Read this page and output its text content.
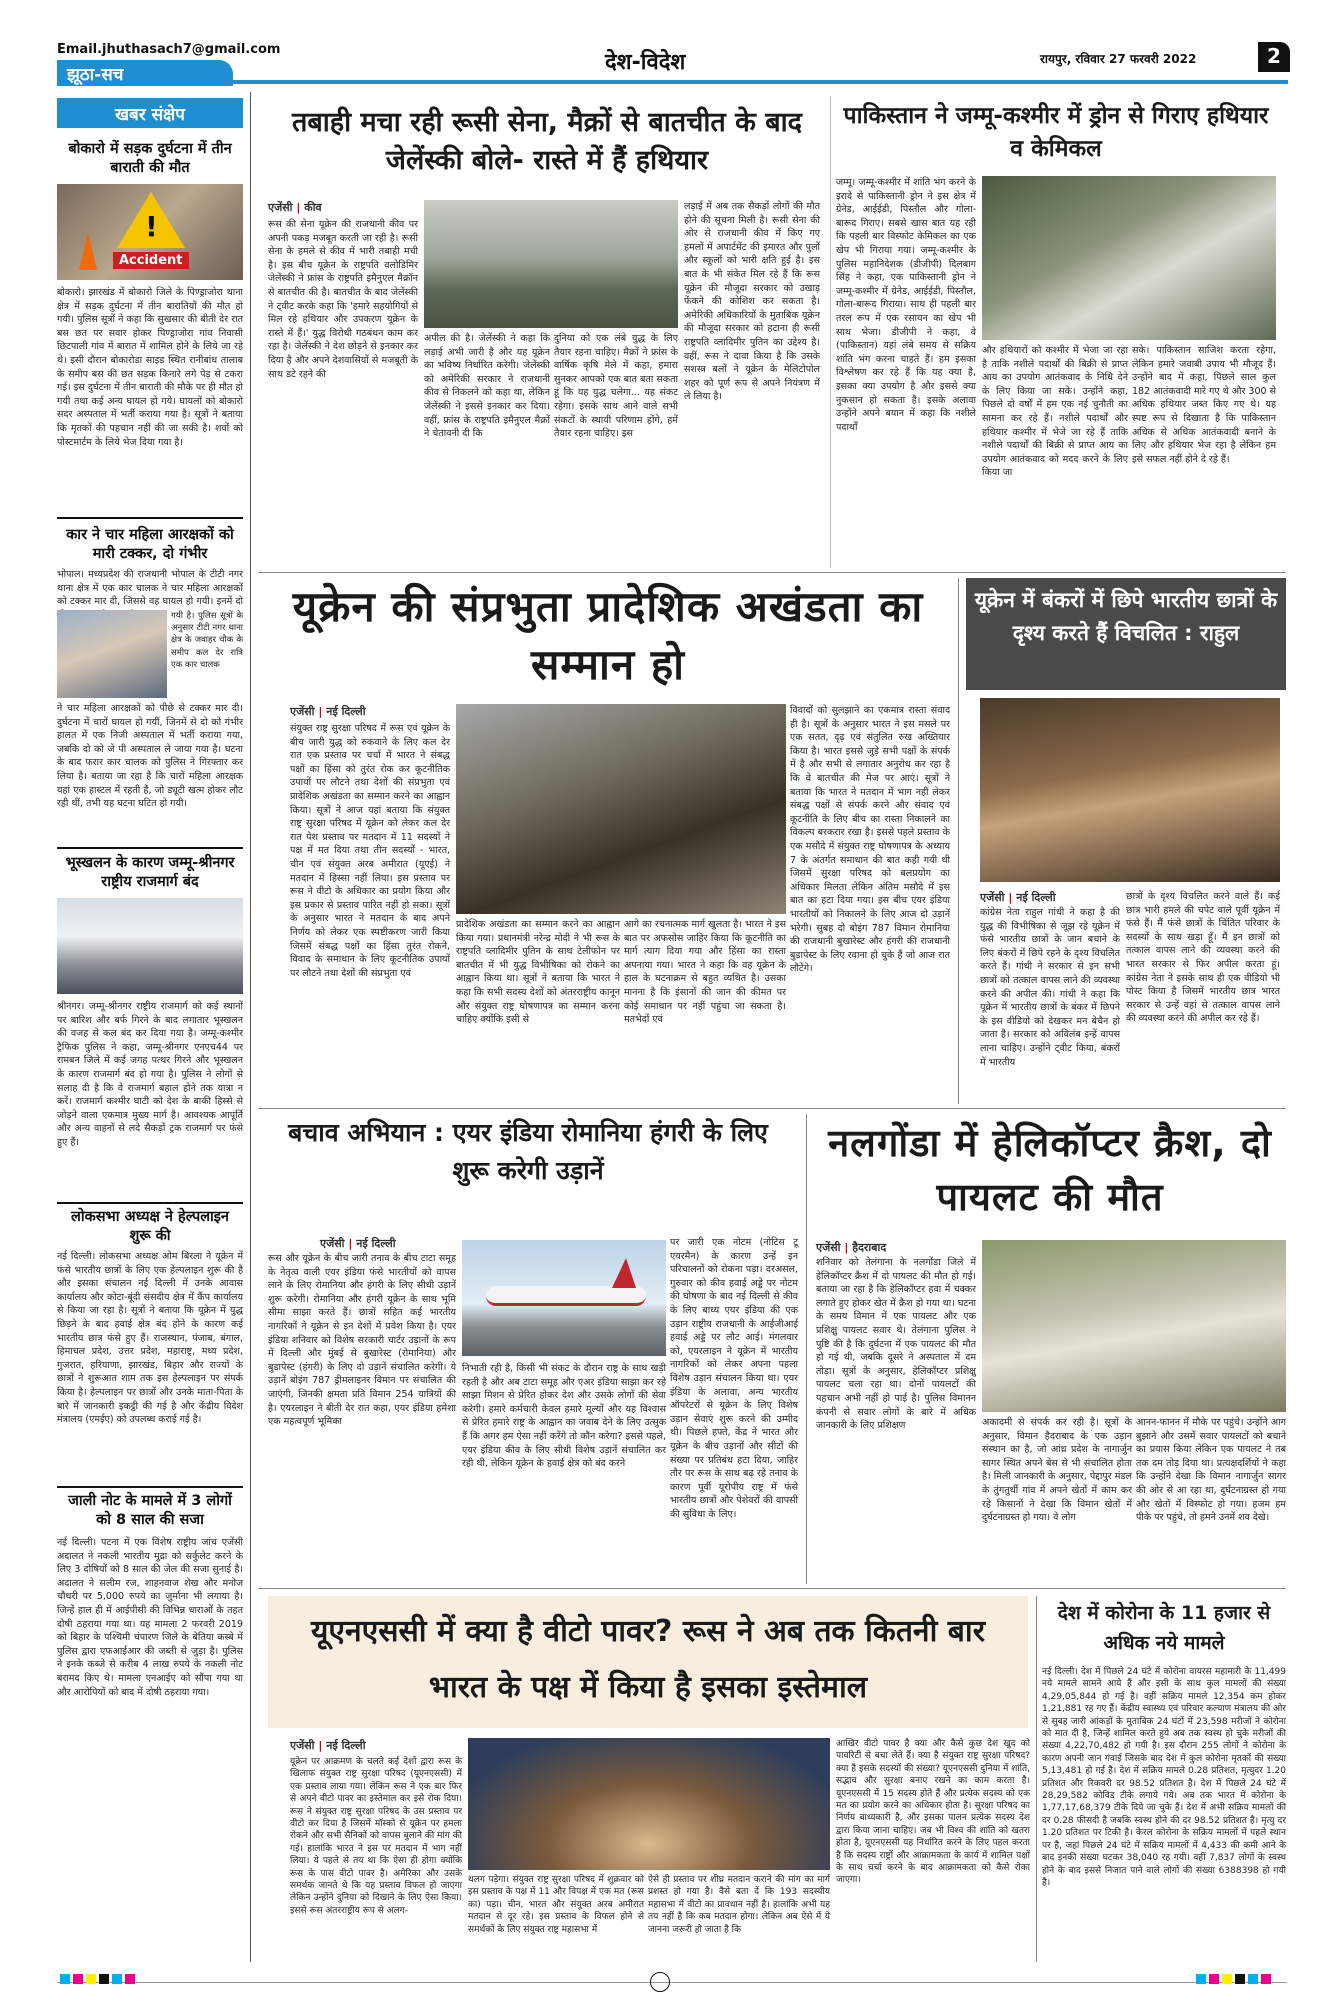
Email.jhuthasach7@gmail.com
झूठा-सच	देश-विदेश	रायपुर, रविवार 27 फरवरी 2022	2
खबर संक्षेप
बोकारो में सड़क दुर्घटना में तीन बाराती की मौत
!
Accident
बोकारो। झारखंड में बोकारो जिले के पिण्ड्राजोरा थाना क्षेत्र में सड़क दुर्घटना में तीन बारातियों की मौत हो गयी। पुलिस सूत्रों ने कहा कि सुखसार की बीती देर रात बस छत पर सवार होकर पिण्ड्राजोरा गांव निवासी छिटपाली गांव में बारात में शामिल होने के लिये जा रहे थे। इसी दौरान बोकारोडा साइड स्थित रानीबांध तालाब के समीप बस की छत सड़क किनारे लगे पेड़ से टकरा गई। इस दुर्घटना में तीन बाराती की मौके पर ही मौत हो गयी तथा कई अन्य घायल हो गये। घायलों को बोकारो सदर अस्पताल में भर्ती कराया गया है। सूत्रों ने बताया कि मृतकों की पहचान नहीं की जा सकी है। शवों को पोस्टमार्टम के लिये भेज दिया गया है।
कार ने चार महिला आरक्षकों को मारी टक्कर, दो गंभीर
भोपाल। मध्यप्रदेश की राजधानी भोपाल के टीटी नगर थाना क्षेत्र में एक कार चालक ने चार महिला आरक्षकों को टक्कर मार दी, जिससे वह घायल हो गयी। इनमें दो
गयी है। पुलिस सूत्रों के अनुसार टीटी नगर थाना क्षेत्र के जवाहर चौक के समीप कल देर रात्रि एक कार चालक
ने चार महिला आरक्षकों को पीछे से टक्कर मार दी। दुर्घटना में चारों घायल हो गयीं, जिनमें से दो को गंभीर हालत में एक निजी अस्पताल में भर्ती कराया गया, जबकि दो को जे पी अस्पताल ले जाया गया है। घटना के बाद फरार कार चालक को पुलिस ने गिरफ्तार कर लिया है। बताया जा रहा है कि चारों महिला आरक्षक यहां एक हास्टल में रहती हैं, जो ड्यूटी खत्म होकर लौट रही थीं, तभी यह घटना घटित हो गयी।
भूस्खलन के कारण जम्मू-श्रीनगर राष्ट्रीय राजमार्ग बंद
श्रीनगर। जम्मू-श्रीनगर राष्ट्रीय राजमार्ग को कई स्थानों पर बारिश और बर्फ गिरने के बाद लगातार भूस्खलन की वजह से कल बंद कर दिया गया है। जम्मू-कश्मीर ट्रैफिक पुलिस ने कहा, जम्मू-श्रीनगर एनएच44 पर रामबन जिले में कई जगह पत्थर गिरने और भूस्खलन के कारण राजमार्ग बंद हो गया है। पुलिस ने लोगों से सलाह दी है कि वे राजमार्ग बहाल होने तक यात्रा न करें। राजमार्ग कश्मीर घाटी को देश के बाकी हिस्से से जोड़ने वाला एकमात्र मुख्य मार्ग है। आवश्यक आपूर्ति और अन्य वाहनों से लदे सैकड़ों ट्रक राजमार्ग पर फंसे हुए हैं।
लोकसभा अध्यक्ष ने हेल्पलाइन शुरू की
नई दिल्ली। लोकसभा अध्यक्ष ओम बिरला ने यूक्रेन में फंसे भारतीय छात्रों के लिए एक हेल्पलाइन शुरू की है और इसका संचालन नई दिल्ली में उनके आवास कार्यालय और कोटा-बूंदी संसदीय क्षेत्र में कैंप कार्यालय से किया जा रहा है। सूत्रों ने बताया कि यूक्रेन में युद्ध छिड़ने के बाद हवाई क्षेत्र बंद होने के कारण कई भारतीय छात्र फंसे हुए हैं। राजस्थान, पंजाब, बंगाल, हिमाचल प्रदेश, उत्तर प्रदेश, महाराष्ट्र, मध्य प्रदेश, गुजरात, हरियाणा, झारखंड, बिहार और राज्यों के छात्रों ने शुरूआत शाम तक इस हेल्पलाइन पर संपर्क किया है। हेल्पलाइन पर छात्रों और उनके माता-पिता के बारे में जानकारी इकट्ठी की गई है और केंद्रीय विदेश मंत्रालय (एमईए) को उपलब्ध कराई गई है।
जाली नोट के मामले में 3 लोगों को 8 साल की सजा
नई दिल्ली। पटना में एक विशेष राष्ट्रीय जांच एजेंसी अदालत ने नकली भारतीय मुद्रा को सर्कुलेट करने के लिए 3 दोषियों को 8 साल की जेल की सजा सुनाई है। अदालत ने सलीम रज, शाहनवाज शेख और मनोज चौधरी पर 5,000 रुपये का जुर्माना भी लगाया है। जिन्हें हाल ही में आईपीसी की विभिन्न धाराओं के तहत दोषी ठहराया गया था। यह मामला 2 फरवरी 2019 को बिहार के पश्चिमी चंपारण जिले के बेतिया कस्बे में पुलिस द्वारा एफआईआर की जब्ती से जुड़ा है। पुलिस ने इनके कब्जे से करीब 4 लाख रुपये के नकली नोट बरामद किए थे। मामला एनआईए को सौंपा गया था और आरोपियों को बाद में दोषी ठहराया गया।
तबाही मचा रही रूसी सेना, मैक्रों से बातचीत के बाद जेलेंस्की बोले- रास्ते में हैं हथियार
एजेंसी | कीव
रूस की सेना यूक्रेन की राजधानी कीव पर अपनी पकड़ मजबूत करती जा रही है। रूसी सेना के हमले से कीव में भारी तबाही मची है। इस बीच यूक्रेन के राष्ट्रपति वलोडिमिर जेलेंस्की ने फ्रांस के राष्ट्रपति इमैनुएल मैक्रॉन से बातचीत की है। बातचीत के बाद जेलेंस्की ने ट्वीट करके कहा कि 'हमारे सहयोगियों से मिल रहे हथियार और उपकरण यूक्रेन के रास्ते में हैं।' युद्ध विरोधी गठबंधन काम कर रहा है। जेलेंस्की ने देश छोड़ने से इनकार कर दिया है और अपने देशवासियों से मजबूती के साथ डटे रहने की
अपील की है। जेलेंस्की ने कहा कि लड़ाई अभी जारी है और यह यूक्रेन का भविष्य निर्धारित करेगी। जेलेंस्की को अमेरिकी सरकार ने राजधानी कीव से निकलने को कहा था, लेकिन जेलेंस्की ने इससे इनकार कर दिया। वहीं, फ्रांस के राष्ट्रपति इमैनुएल मैक्रों ने चेतावनी दी कि
दुनिया को एक लंबे युद्ध के लिए तैयार रहना चाहिए। मैक्रों ने फ्रांस के वार्षिक कृषि मेले में कहा, हमारा सुनकर आपको एक बात बता सकता हूं कि यह युद्ध चलेगा... यह संकट रहेगा। इसके साथ आने वाले सभी संकटों के स्थायी परिणाम होंगे, हमें तैयार रहना चाहिए। इस
लड़ाई में अब तक सैकड़ों लोगों की मौत होने की सूचना मिली है। रूसी सेना की ओर से राजधानी कीव में किए गए हमलों में अपार्टमेंट की इमारत और पुलों और स्कूलों को भारी क्षति हुई है। इस बात के भी संकेत मिल रहे हैं कि रूस यूक्रेन की मौजूदा सरकार को उखाड़ फेंकने की कोशिश कर सकता है। अमेरिकी अधिकारियों के मुताबिक यूक्रेन की मौजूदा सरकार को हटाना ही रूसी राष्ट्रपति व्लादिमीर पुतिन का उद्देश्य है। वहीं, रूस ने दावा किया है कि उसके सशस्त्र बलों ने यूक्रेन के मेलिटोपोल शहर को पूर्ण रूप से अपने नियंत्रण में ले लिया है।
पाकिस्तान ने जम्मू-कश्मीर में ड्रोन से गिराए हथियार व केमिकल
जम्मू। जम्मू-कश्मीर में शांति भंग करने के इरादे से पाकिस्तानी ड्रोन ने इस क्षेत्र में ग्रेनेड, आईईडी, पिस्तौल और गोला-बारूद गिराए। सबसे खास बात यह रही कि पहली बार विस्फोट केमिकल का एक खेप भी गिराया गया। जम्मू-कश्मीर के पुलिस महानिदेशक (डीजीपी) दिलबाग सिंह ने कहा, एक पाकिस्तानी ड्रोन ने जम्मू-कश्मीर में ग्रेनेड, आईईडी, पिस्तौल, गोला-बारूद गिराया। साथ ही पहली बार तरल रूप में एक रसायन का खेप भी साथ भेजा। डीजीपी ने कहा, वे (पाकिस्तान) यहां लंबे समय से सक्रिय शांति भंग करना चाहते हैं। हम इसका विश्लेषण कर रहे हैं कि यह क्या है, इसका क्या उपयोग है और इससे क्या नुकसान हो सकता है। इसके अलावा उन्होंने अपने बयान में कहा कि नशीले पदार्थों
और हथियारों को कश्मीर में भेजा जा रहा है ताकि नशीले पदार्थों की बिक्री से प्राप्त आय का उपयोग आतंकवाद के निधि देने के लिए किया जा सके। उन्होंने कहा, पिछले दो वर्षों में हम एक नई चुनौती का सामना कर रहे हैं। नशीले पदार्थों और हथियार कश्मीर में भेजे जा रहे हैं ताकि नशीले पदार्थों की बिक्री से प्राप्त आय का उपयोग आतंकवाद को मदद करने के लिए किया जा
सके। पाकिस्तान साजिश करता रहेगा, लेकिन हमारे जवाबी उपाय भी मौजूद हैं। उन्होंने बाद में कहा, पिछले साल कुल 182 आतंकवादी मारे गए थे और 300 से अधिक हथियार जब्त किए गए थे। यह स्पष्ट रूप से दिखाता है कि पाकिस्तान अधिक से अधिक आतंकवादी बनाने के लिए और हथियार भेज रहा है लेकिन हम इसे सफल नहीं होने दे रहे हैं।
यूक्रेन की संप्रभुता प्रादेशिक अखंडता का सम्मान हो
एजेंसी | नई दिल्ली
संयुक्त राष्ट्र सुरक्षा परिषद में रूस एवं यूक्रेन के बीच जारी युद्ध को रुकवाने के लिए कल देर रात एक प्रस्ताव पर चर्चा में भारत ने संबद्ध पक्षों का हिंसा को तुरंत रोक कर कूटनीतिक उपायों पर लौटने तथा देशों की संप्रभुता एवं प्रादेशिक अखंडता का सम्मान करने का आह्वान किया। सूत्रों ने आज यहां बताया कि संयुक्त राष्ट्र सुरक्षा परिषद में यूक्रेन को लेकर कल देर रात पेश प्रस्ताव पर मतदान में 11 सदस्यों ने पक्ष में मत दिया तथा तीन सदस्यों - भारत, चीन एवं संयुक्त अरब अमीरात (यूएई) ने मतदान में हिस्सा नहीं लिया। इस प्रस्ताव पर रूस ने वीटो के अधिकार का प्रयोग किया और इस प्रकार से प्रस्ताव पारित नहीं हो सका। सूत्रों के अनुसार भारत ने मतदान के बाद अपने निर्णय को लेकर एक स्पष्टीकरण जारी किया जिसमें संबद्ध पक्षों का हिंसा तुरंत रोकने, विवाद के समाधान के लिए कूटनीतिक उपायों पर लौटने तथा देशों की संप्रभुता एवं
प्रादेशिक अखंडता का सम्मान करने का आह्वान किया गया। प्रधानमंत्री नरेन्द्र मोदी ने भी रूस के राष्ट्रपति व्लादिमीर पुतिन के साथ टेलीफोन पर बातचीत में भी युद्ध विभीषिका को रोकने का आह्वान किया था। सूत्रों ने बताया कि भारत ने कहा कि सभी सदस्य देशों को अंतरराष्ट्रीय कानून और संयुक्त राष्ट्र घोषणापत्र का सम्मान करना चाहिए क्योंकि इसी से
आगे का रचनात्मक मार्ग खुलता है। भारत ने इस बात पर अफसोस जाहिर किया कि कूटनीति का मार्ग त्याग दिया गया और हिंसा का रास्ता अपनाया गया। भारत ने कहा कि वह यूक्रेन के हाल के घटनाक्रम से बहुत व्यथित है। उसका मानना है कि इंसानों की जान की कीमत पर कोई समाधान पर नहीं पहुंचा जा सकता है। मतभेदों एवं
विवादों को सुलझाने का एकमात्र रास्ता संवाद ही है। सूत्रों के अनुसार भारत ने इस मसले पर एक सतत, दृढ़ एवं संतुलित रुख अख्तियार किया है। भारत इससे जुड़े सभी पक्षों के संपर्क में है और सभी से लगातार अनुरोध कर रहा है कि वे बातचीत की मेज पर आएं। सूत्रों ने बताया कि भारत ने मतदान में भाग नहीं लेकर संबद्ध पक्षों से संपर्क करने और संवाद एवं कूटनीति के लिए बीच का रास्ता निकालने का विकल्प बरकरार रखा है। इससे पहले प्रस्ताव के एक मसौदे में संयुक्त राष्ट्र घोषणापत्र के अध्याय 7 के अंतर्गत समाधान की बात कही गयी थी जिसमें सुरक्षा परिषद को बलप्रयोग का अधिकार मिलता लेकिन अंतिम मसौदे में इस बात का हटा दिया गया। इस बीच एयर इंडिया भारतीयों को निकालने के लिए आज दो उड़ानें भरेगी। सुबह दो बोइंग 787 विमान रोमानिया की राजधानी बुखारेस्ट और हंगरी की राजधानी बुडापेस्ट के लिए रवाना हो चुके हैं जो आज रात लौटेंगे।
यूक्रेन में बंकरों में छिपे भारतीय छात्रों के दृश्य करते हैं विचलित : राहुल
एजेंसी | नई दिल्ली
कांग्रेस नेता राहुल गांधी ने कहा है की युद्ध की विभीषिका से जूझ रहे यूक्रेन में फंसे भारतीय छात्रों के जान बचाने के लिए बंकरों में छिपे रहने के दृश्य विचलित करते हैं। गांधी ने सरकार से इन सभी छात्रों को तत्काल वापस लाने की व्यवस्था करने की अपील की। गांधी ने कहा कि यूक्रेन में भारतीय छात्रों के बंकर में छिपने के इस वीडियो को देखकर मन बेचैन हो जाता है। सरकार को अविलंब इन्हें वापस लाना चाहिए। उन्होंने ट्वीट किया, बंकरों में भारतीय
छात्रों के दृश्य विचलित करने वाले हैं। कई छात्र भारी हमले की चपेट वाले पूर्वी यूक्रेन में फंसे हैं। मैं फंसे छात्रों के चिंतित परिवार के सदस्यों के साथ खड़ा हूँ। मैं इन छात्रों को तत्काल वापस लाने की व्यवस्था करने की भारत सरकार से फिर अपील करता हूं। कांग्रेस नेता ने इसके साथ ही एक वीडियो भी पोस्ट किया है जिसमें भारतीय छात्र भारत सरकार से उन्हें वहां से तत्काल वापस लाने की व्यवस्था करने की अपील कर रहे हैं।
बचाव अभियान : एयर इंडिया रोमानिया हंगरी के लिए शुरू करेगी उड़ानें
एजेंसी | नई दिल्ली
रूस और यूक्रेन के बीच जारी तनाव के बीच टाटा समूह के नेतृत्व वाली एयर इंडिया फंसे भारतीयों को वापस लाने के लिए रोमानिया और हंगरी के लिए सीधी उड़ानें शुरू करेगी। रोमानिया और हंगरी यूक्रेन के साथ भूमि सीमा साझा करते हैं। छात्रों सहित कई भारतीय नागरिकों ने यूक्रेन से इन देशों में प्रवेश किया है। एयर इंडिया शनिवार को विशेष सरकारी चार्टर उड़ानों के रूप में दिल्ली और मुंबई से बुखारेस्ट (रोमानिया) और बुडापेस्ट (हंगरी) के लिए दो उड़ानें संचालित करेगी। ये उड़ानें बोइंग 787 ड्रीमलाइनर विमान पर संचालित की जाएंगी, जिनकी क्षमता प्रति विमान 254 यात्रियों की है। एयरलाइन ने बीती देर रात कहा, एयर इंडिया हमेशा एक महत्वपूर्ण भूमिका
निभाती रही है, किसी भी संकट के दौरान राष्ट्र के साथ खड़ी रहती है और अब टाटा समूह और एअर इंडिया साझा कर रहे साझा मिशन से प्रेरित होकर देश और उसके लोगों की सेवा करेगी। हमारे कर्मचारी केवल हमारे मूल्यों और यह विश्वास से प्रेरित हमारे राष्ट्र के आह्वान का जवाब देने के लिए उत्सुक हैं कि अगर हम ऐसा नहीं करेंगे तो कौन करेगा? इससे पहले, एयर इंडिया कीव के लिए सीधी विशेष उड़ानें संचालित कर रही थी, लेकिन यूक्रेन के हवाई क्षेत्र को बंद करने
पर जारी एक नोटम (नोटिस टू एयरमैन) के कारण उन्हें इन परिचालनों को रोकना पड़ा। दरअसल, गुरुवार को कीव हवाई अड्डे पर नोटम की घोषणा के बाद नई दिल्ली से कीव के लिए बाध्य एयर इंडिया की एक उड़ान राष्ट्रीय राजधानी के आईजीआई हवाई अड्डे पर लौट आई। मंगलवार को, एयरलाइन ने यूक्रेन में भारतीय नागरिकों को लेकर अपना पहला विशेष उड़ान संचालन किया था। एयर इंडिया के अलावा, अन्य भारतीय ऑपरेटरों से यूक्रेन के लिए विशेष उड़ान सेवाएं शुरू करने की उम्मीद थी। पिछले हफ्ते, केंद्र ने भारत और यूक्रेन के बीच उड़ानों और सीटों की संख्या पर प्रतिबंध हटा दिया, जाहिर तौर पर रूस के साथ बढ़ रहे तनाव के कारण पूर्वी यूरोपीय राष्ट्र में फंसे भारतीय छात्रों और पेशेवरों की वापसी की सुविधा के लिए।
नलगोंडा में हेलिकॉप्टर क्रैश, दो पायलट की मौत
एजेंसी | हैदराबाद
शनिवार को तेलंगाना के नलगोंडा जिले में हेलिकॉप्टर क्रैश में दो पायलट की मौत हो गई। बताया जा रहा है कि हेलिकॉप्टर हवा में चक्कर लगाते हुए होकर खेत में क्रैश हो गया था। घटना के समय विमान में एक पायलट और एक प्रशिक्षु पायलट सवार थे। तेलंगाना पुलिस ने पुष्टि की है कि दुर्घटना में एक पायलट की मौत हो गई थी, जबकि दूसरे ने अस्पताल में दम तोड़ा। सूत्रों के अनुसार, हेलिकॉप्टर प्रशिक्षु पायलट चला रहा था। दोनों पायलटों की पहचान अभी नहीं हो पाई है। पुलिस विमानन कंपनी से सवार लोगों के बारे में अधिक जानकारी के लिए प्रशिक्षण	अकादमी से संपर्क कर रही है। सूत्रों के अनुसार, विमान हैदराबाद के एक उड़ान संस्थान का है, जो आंध्र प्रदेश के नागार्जुन सागर स्थित अपने बेस से भी संचालित होता है। मिली जानकारी के अनुसार, पेद्दापुर मंडल के तुंगतुर्थी गांव में अपने खेतों में काम कर रहे किसानों ने देखा कि विमान खेतों में दुर्घटनाग्रस्त हो गया। वे लोग
आनन-फानन में मौके पर पहुंचे। उन्होंने आग बुझाने और उसमें सवार पायलटों को बचाने का प्रयास किया लेकिन एक पायलट ने तब तक दम तोड़ दिया था। प्रत्यक्षदर्शियों ने कहा कि उन्होंने देखा कि विमान नागार्जुन सागर की ओर से आ रहा था, दुर्घटनाग्रस्त हो गया और खेतों में विस्फोट हो गया। हजम हम पीके पर पहुंचे, तो हमने उनमें शव देखे।
यूएनएससी में क्या है वीटो पावर? रूस ने अब तक कितनी बार भारत के पक्ष में किया है इसका इस्तेमाल
एजेंसी | नई दिल्ली
यूक्रेन पर आक्रमण के चलते कई देशों द्वारा रूस के खिलाफ संयुक्त राष्ट्र सुरक्षा परिषद (यूएनएससी) में एक प्रस्ताव लाया गया। लेकिन रूस ने एक बार फिर से अपने वीटो पावर का इस्तेमाल कर इसे रोक दिया। रूस ने संयुक्त राष्ट्र सुरक्षा परिषद के उस प्रस्ताव पर वीटो कर दिया है जिसमें मॉस्को से यूक्रेन पर हमला रोकने और सभी सैनिकों को वापस बुलाने की मांग की गई। हालांकि भारत ने इस पर मतदान में भाग नहीं लिया। ये पहले से तय था कि ऐसा ही होगा क्योंकि रूस के पास वीटो पावर है। अमेरिका और उसके समर्थक जानते थे कि यह प्रस्ताव विफल हो जाएगा लेकिन उन्होंने दुनिया को दिखाने के लिए ऐसा किया। इससे रूस अंतरराष्ट्रीय रूप से अलग-
थलग पड़ेगा। संयुक्त राष्ट्र सुरक्षा परिषद में शुक्रवार को इस प्रस्ताव के पक्ष में 11 और विपक्ष में एक मत (रूस का) पड़ा। चीन, भारत और संयुक्त अरब अमीरात मतदान से दूर रहे। इस प्रस्ताव के विफल होने से समर्थकों के लिए संयुक्त राष्ट्र महासभा में
ऐसे ही प्रस्ताव पर शीघ्र मतदान कराने की मांग का मार्ग प्रशस्त हो गया है। वैसे बता दें कि 193 सदस्यीय महासभा में वीटो का प्रावधान नहीं है। हालांकि अभी यह तय नहीं है कि कब मतदान होगा। लेकिन अब ऐसे में ये जानना जरूरी हो जाता है कि
आखिर वीटो पावर है क्या और कैसे कुछ देश खुद को पावरिटी से बचा लेते हैं। क्या है संयुक्त राष्ट्र सुरक्षा परिषद? क्या है इसके सदस्यों की संख्या? यूएनएससी दुनिया में शांति, सद्भाव और सुरक्षा बनाए रखने का काम करता है। यूएनएससी में 15 सदस्य होते हैं और प्रत्येक सदस्य को एक मत का प्रयोग करने का अधिकार होता है। सुरक्षा परिषद का निर्णय बाध्यकारी है, और इसका पालन प्रत्येक सदस्य देश द्वारा किया जाना चाहिए। जब भी विश्व की शांति को खतरा होता है, यूएनएससी यह निर्धारित करने के लिए पहल करता है कि सदस्य राष्ट्रों और आक्रामकता के कार्य में शामिल पक्षों के साथ चर्चा करने के बाद आक्रामकता को कैसे रोका जाएगा।
देश में कोरोना के 11 हजार से अधिक नये मामले
नई दिल्ली। देश में पिछले 24 घंटे में कोरोना वायरस महामारी के 11,499 नये मामले सामने आये हैं और इसी के साथ कुल मामलों की संख्या 4,29,05,844 हो गई है। वहीं सक्रिय मामले 12,354 कम होकर 1,21,881 रह गए हैं। केंद्रीय स्वास्थ्य एवं परिवार कल्याण मंत्रालय की ओर से सुबह जारी आंकड़ों के मुताबिक 24 घंटों में 23,598 मरीजों ने कोरोना को मात दी है, जिन्हें शामिल करते हुये अब तक स्वस्थ हो चुके मरीजों की संख्या 4,22,70,482 हो गयी है। इस दौरान 255 लोगों ने कोरोना के कारण अपनी जान गंवाई जिसके बाद देश में कुल कोरोना मृतकों की संख्या 5,13,481 हो गई है। देश में सक्रिय मामले 0.28 प्रतिशत, मृत्युदर 1.20 प्रतिशत और रिकवरी दर 98.52 प्रतिशत है। देश में पिछले 24 घंटे में 28,29,582 कोविड टीके लगाये गये। अब तक भारत में कोरोना के 1,77,17,68,379 टीके दिये जा चुके हैं। देश में अभी सक्रिय मामलों की दर 0.28 फीसदी है जबकि स्वस्थ होने की दर 98.52 प्रतिशत है। मृत्यु दर 1.20 प्रतिशत पर टिकी है। केरल कोरोना के सक्रिय मामलों में पहले स्थान पर है, जहां पिछले 24 घंटे में सक्रिय मामलों में 4,433 की कमी आने के बाद इनकी संख्या घटकर 38,040 रह गयी। वहीं 7,837 लोगों के स्वस्थ होने के बाद इससे निजात पाने वाले लोगों की संख्या 6388398 हो गयी है।
